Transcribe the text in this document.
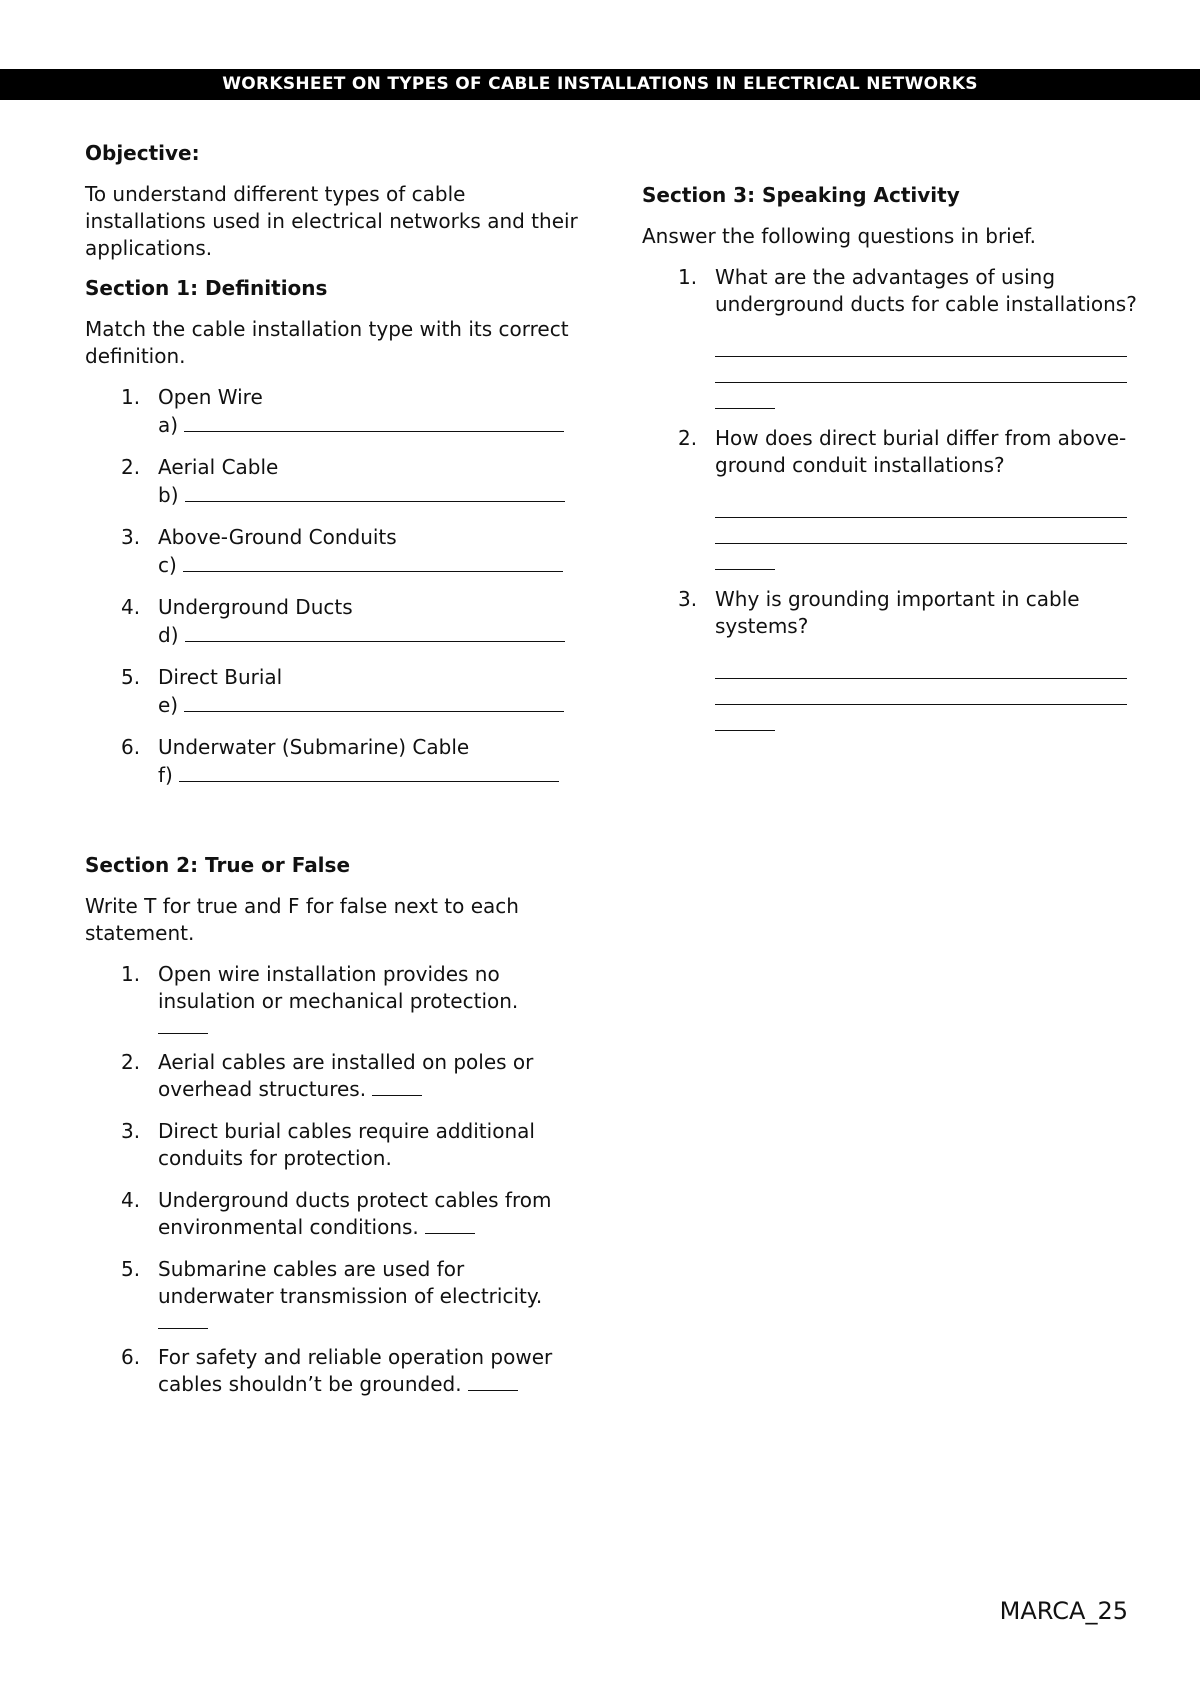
WORKSHEET ON TYPES OF CABLE INSTALLATIONS IN ELECTRICAL NETWORKS
Objective:

To understand different types of cable installations used in electrical networks and their applications.

Section 1: Definitions

Match the cable installation type with its correct definition.

1. Open Wire
a)
2. Aerial Cable
b)
3. Above-Ground Conduits
c)
4. Underground Ducts
d)
5. Direct Burial
e)
6. Underwater (Submarine) Cable
f)
Section 2: True or False

Write T for true and F for false next to each statement.

1. Open wire installation provides no insulation or mechanical protection.
2. Aerial cables are installed on poles or overhead structures.
3. Direct burial cables require additional conduits for protection.
4. Underground ducts protect cables from environmental conditions.
5. Submarine cables are used for underwater transmission of electricity.
6. For safety and reliable operation power cables shouldn’t be grounded.
Section 3: Speaking Activity

Answer the following questions in brief.

1. What are the advantages of using underground ducts for cable installations?
2. How does direct burial differ from above-ground conduit installations?
3. Why is grounding important in cable systems?
MARCA_25
